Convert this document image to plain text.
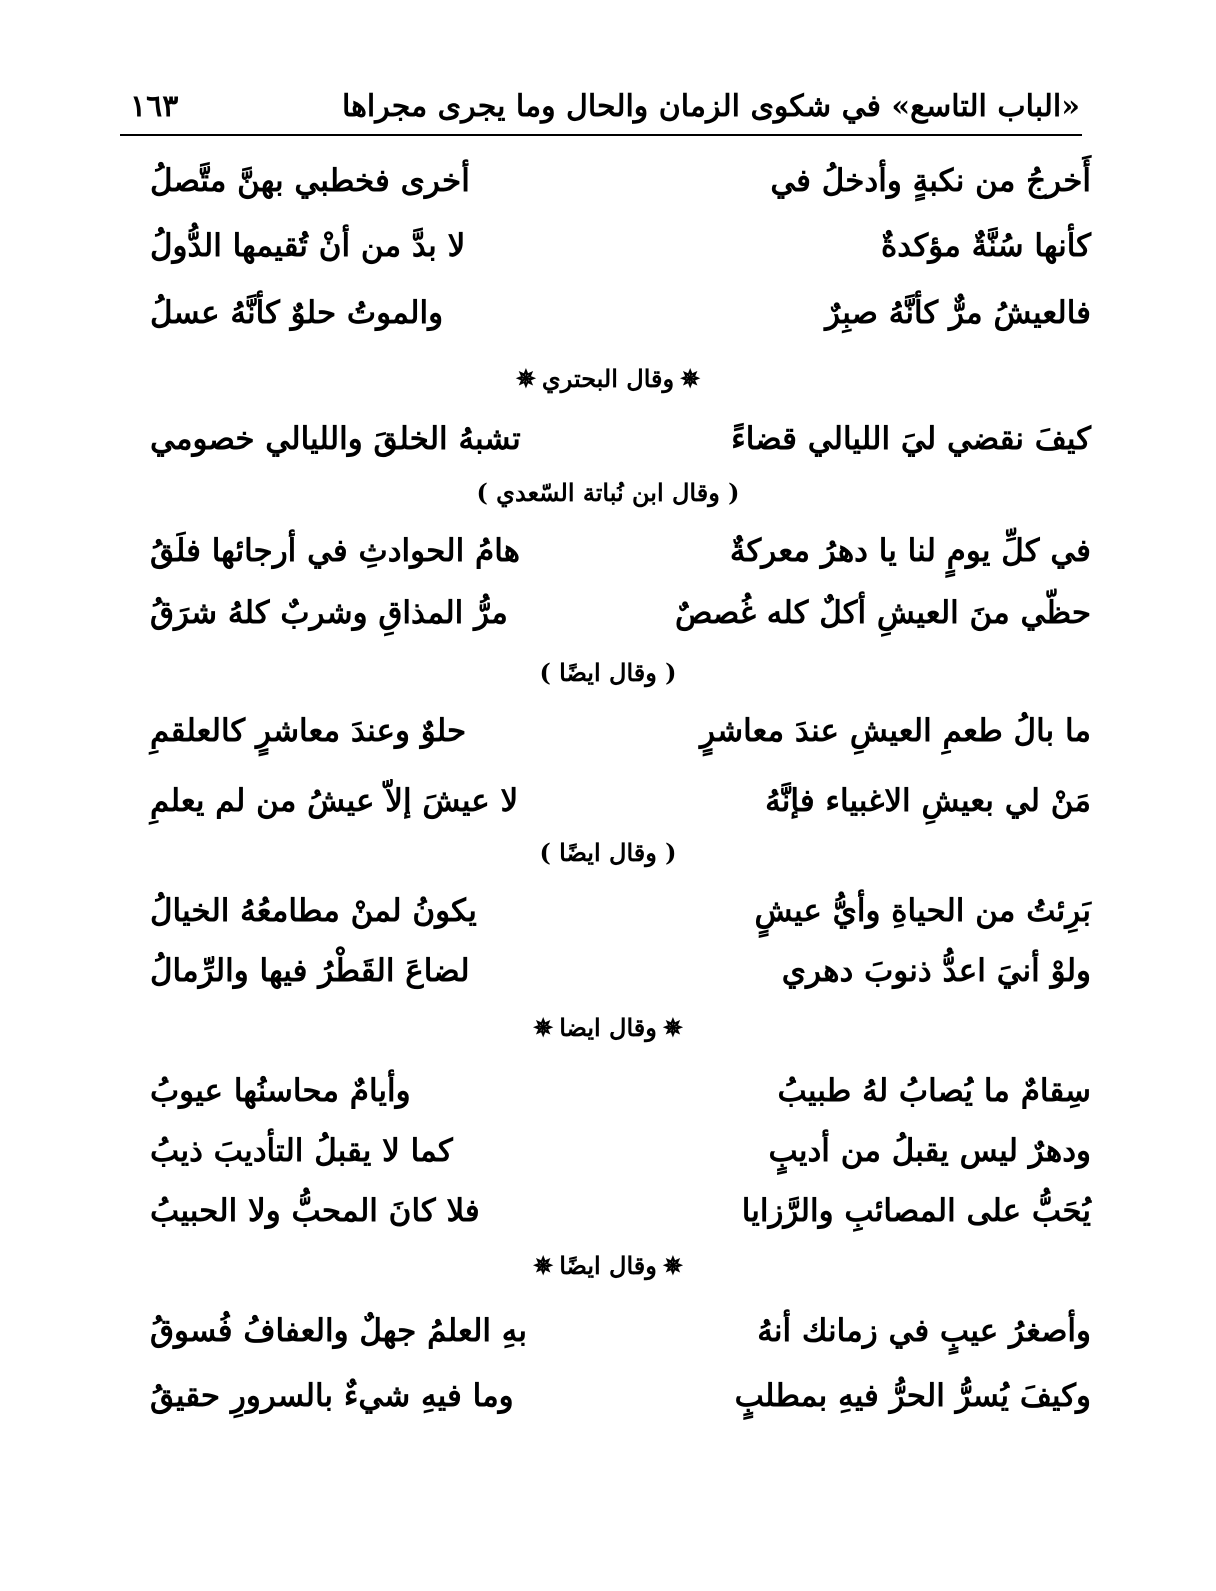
«الباب التاسع» في شكوى الزمان والحال وما يجرى مجراها
١٦٣
أَخرجُ من نكبةٍ وأدخلُ في
أخرى فخطبي بهنَّ متَّصلُ
كأنها سُنَّةٌ مؤكدةٌ
لا بدَّ من أنْ تُقيمها الدُّولُ
فالعيشُ مرٌّ كأنَّهُ صبِرٌ
والموتُ حلوٌ كأنَّهُ عسلُ
✵
وقال البحتري
✵
كيفَ نقضي ليَ الليالي قضاءً
تشبهُ الخلقَ والليالي خصومي
( وقال ابن نُباتة السّعدي )
في كلِّ يومٍ لنا يا دهرُ معركةٌ
هامُ الحوادثِ في أرجائها فلَقُ
حظّي منَ العيشِ أكلٌ كله غُصصٌ
مرُّ المذاقِ وشربٌ كلهُ شرَقُ
( وقال ايضًا )
ما بالُ طعمِ العيشِ عندَ معاشرٍ
حلوٌ وعندَ معاشرٍ كالعلقمِ
مَنْ لي بعيشِ الاغبياء فإنَّهُ
لا عيشَ إلاّ عيشُ من لم يعلمِ
( وقال ايضًا )
بَرِئتُ من الحياةِ وأيُّ عيشٍ
يكونُ لمنْ مطامعُهُ الخيالُ
ولوْ أنيَ اعدُّ ذنوبَ دهري
لضاعَ القَطْرُ فيها والرِّمالُ
✵
وقال ايضا
✵
سِقامٌ ما يُصابُ لهُ طبيبُ
وأيامٌ محاسنُها عيوبُ
ودهرٌ ليس يقبلُ من أديبٍ
كما لا يقبلُ التأديبَ ذيبُ
يُحَبُّ على المصائبِ والرَّزايا
فلا كانَ المحبُّ ولا الحبيبُ
✵
وقال ايضًا
✵
وأصغرُ عيبٍ في زمانك أنهُ
بهِ العلمُ جهلٌ والعفافُ فُسوقُ
وكيفَ يُسرُّ الحرُّ فيهِ بمطلبٍ
وما فيهِ شيءٌ بالسرورِ حقيقُ
